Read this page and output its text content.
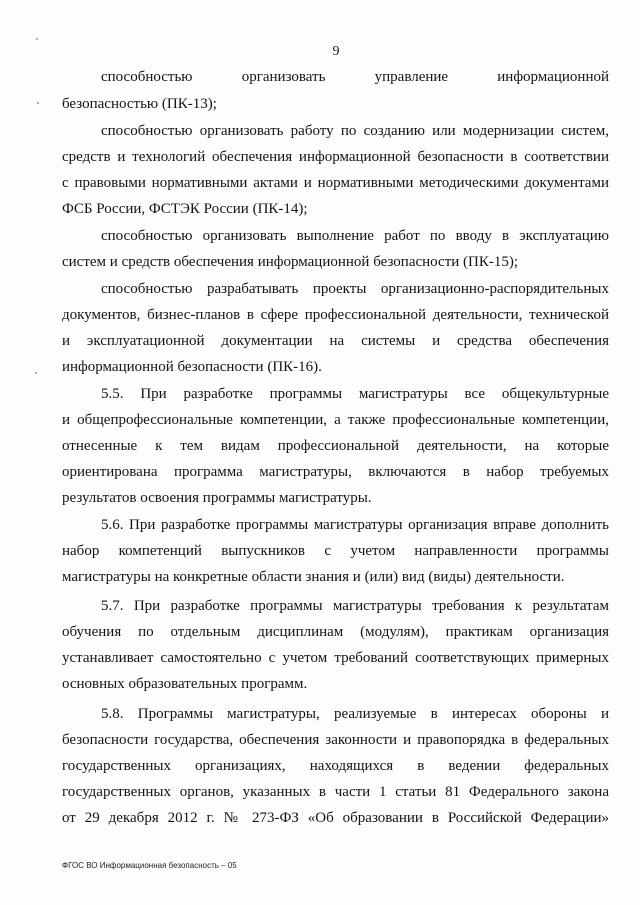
9
способностью организовать управление информационной
безопасностью (ПК-13);
способностью организовать работу по созданию или модернизации систем,
средств и технологий обеспечения информационной безопасности в соответствии
с правовыми нормативными актами и нормативными методическими документами
ФСБ России, ФСТЭК России (ПК-14);
способностью организовать выполнение работ по вводу в эксплуатацию
систем и средств обеспечения информационной безопасности (ПК-15);
способностью разрабатывать проекты организационно-распорядительных
документов, бизнес-планов в сфере профессиональной деятельности, технической
и эксплуатационной документации на системы и средства обеспечения
информационной безопасности (ПК-16).
5.5. При разработке программы магистратуры все общекультурные
и общепрофессиональные компетенции, а также профессиональные компетенции,
отнесенные к тем видам профессиональной деятельности, на которые
ориентирована программа магистратуры, включаются в набор требуемых
результатов освоения программы магистратуры.
5.6. При разработке программы магистратуры организация вправе дополнить
набор компетенций выпускников с учетом направленности программы
магистратуры на конкретные области знания и (или) вид (виды) деятельности.
5.7. При разработке программы магистратуры требования к результатам
обучения по отдельным дисциплинам (модулям), практикам организация
устанавливает самостоятельно с учетом требований соответствующих примерных
основных образовательных программ.
5.8. Программы магистратуры, реализуемые в интересах обороны и
безопасности государства, обеспечения законности и правопорядка в федеральных
государственных организациях, находящихся в ведении федеральных
государственных органов, указанных в части 1 статьи 81 Федерального закона
от 29 декабря 2012 г. № 273-ФЗ «Об образовании в Российской Федерации»
ФГОС ВО Информационная безопасность – 05
